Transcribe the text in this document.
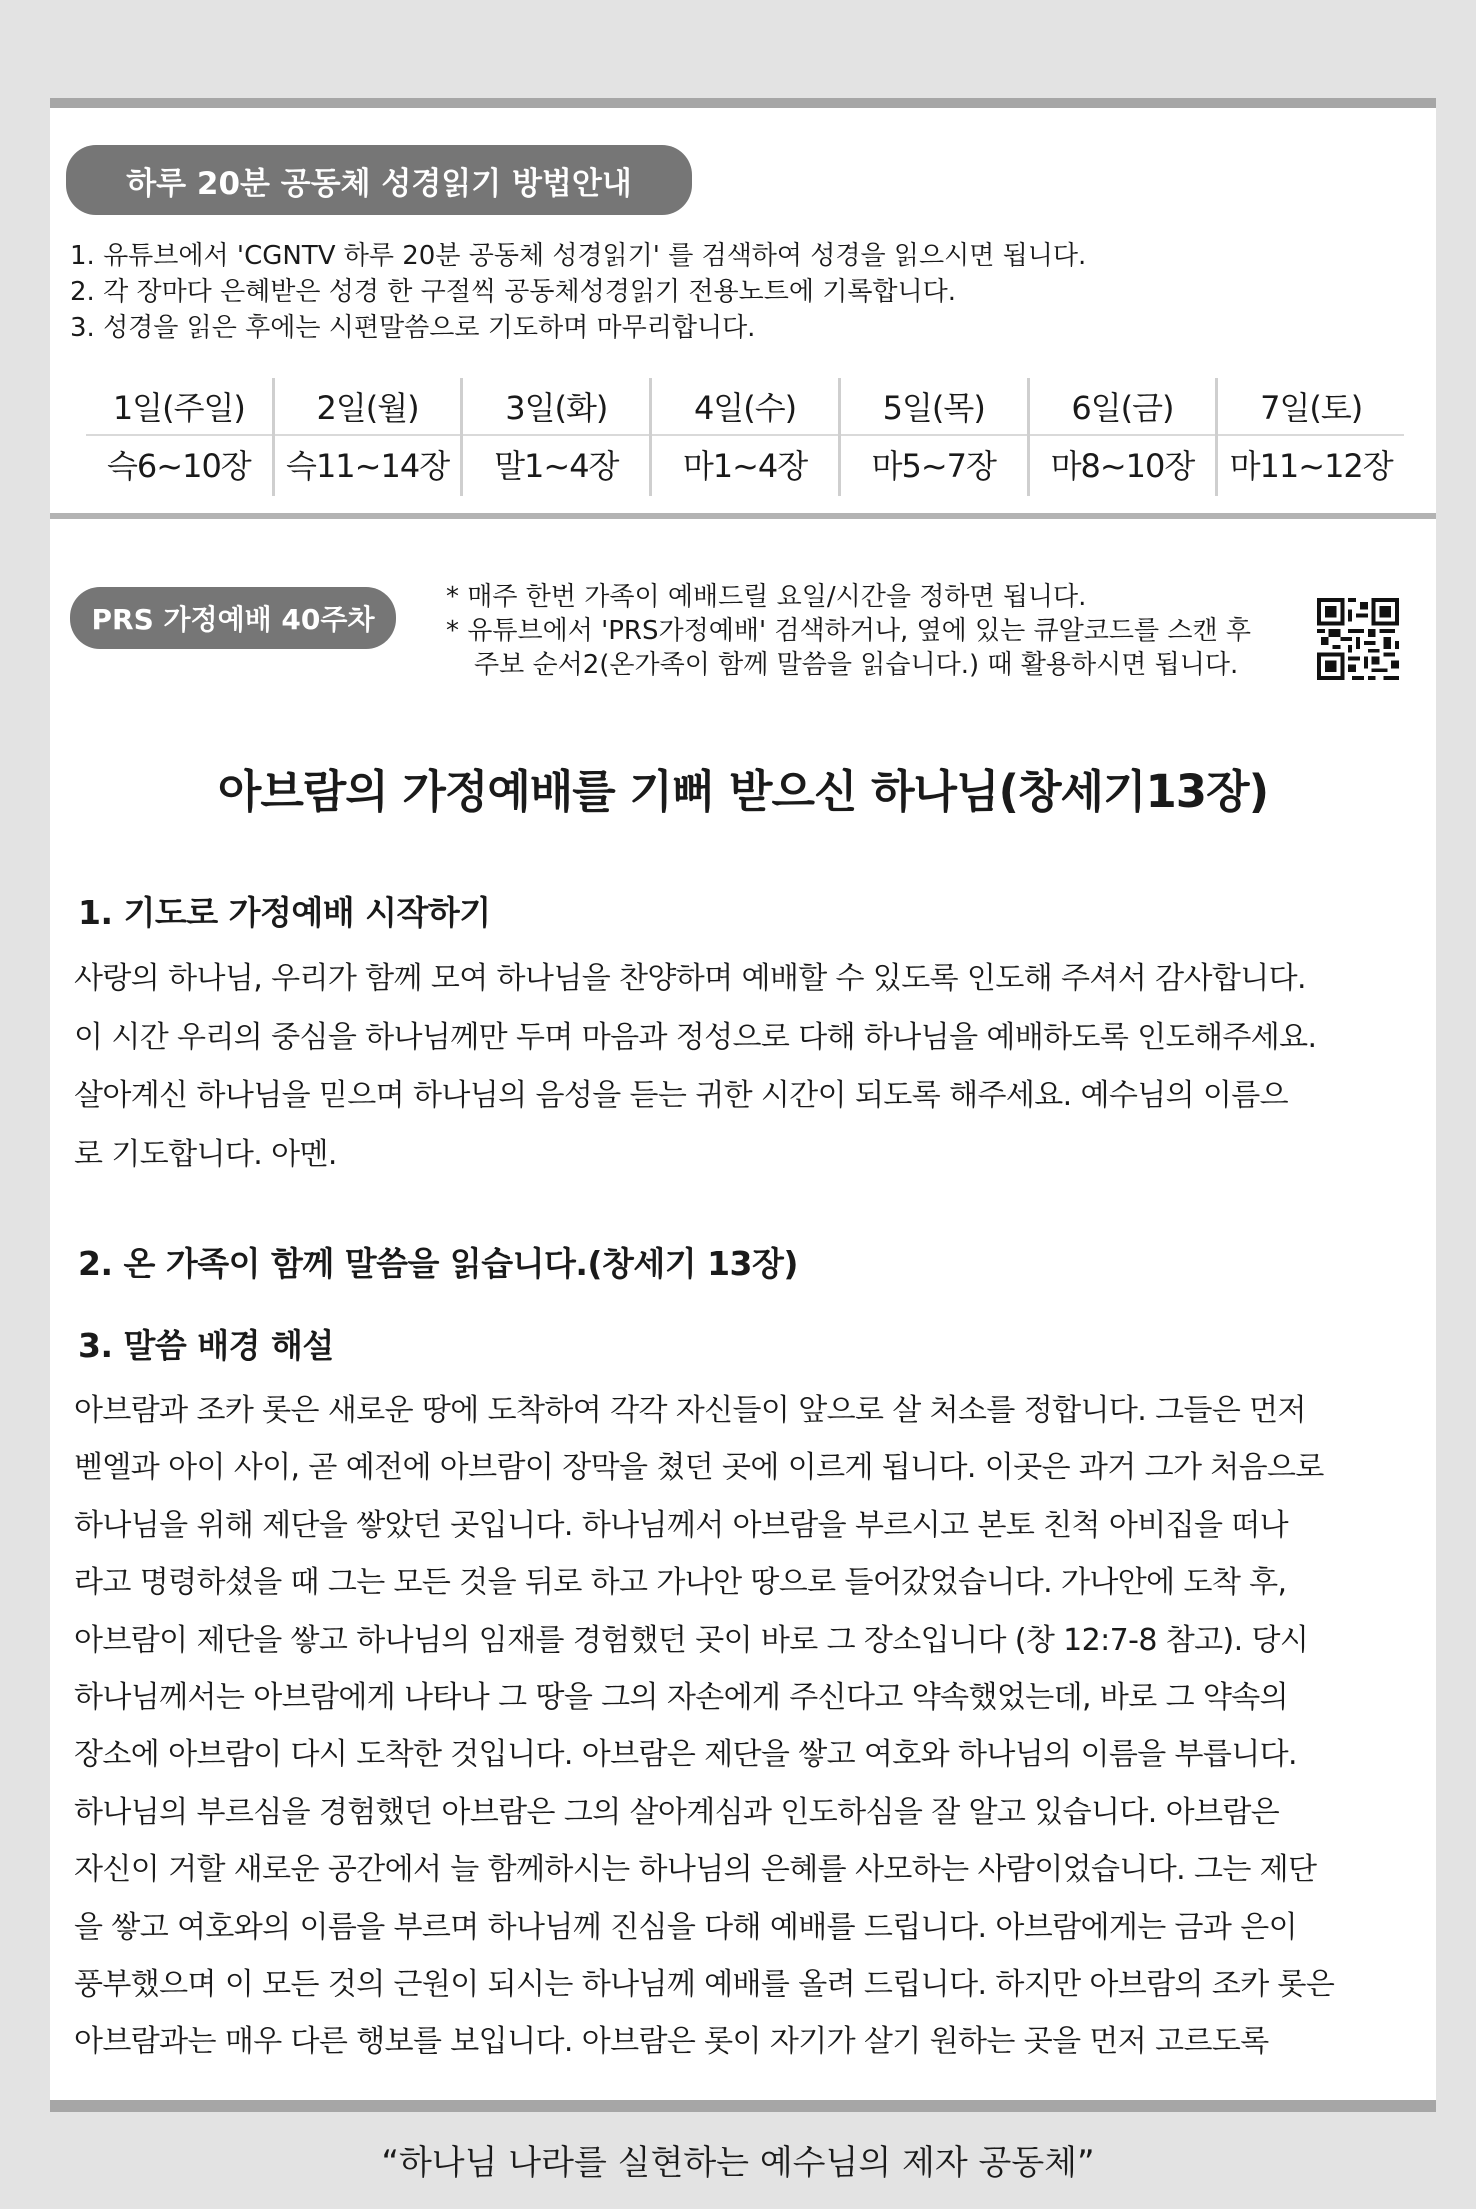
하루 20분 공동체 성경읽기 방법안내
1. 유튜브에서 'CGNTV 하루 20분 공동체 성경읽기' 를 검색하여 성경을 읽으시면 됩니다.
2. 각 장마다 은혜받은 성경 한 구절씩 공동체성경읽기 전용노트에 기록합니다.
3. 성경을 읽은 후에는 시편말씀으로 기도하며 마무리합니다.
1일(주일)
슥6~10장
2일(월)
슥11~14장
3일(화)
말1~4장
4일(수)
마1~4장
5일(목)
마5~7장
6일(금)
마8~10장
7일(토)
마11~12장
PRS 가정예배 40주차
* 매주 한번 가족이 예배드릴 요일/시간을 정하면 됩니다.
* 유튜브에서 'PRS가정예배' 검색하거나, 옆에 있는 큐알코드를 스캔 후
주보 순서2(온가족이 함께 말씀을 읽습니다.) 때 활용하시면 됩니다.
아브람의 가정예배를 기뻐 받으신 하나님(창세기13장)
1. 기도로 가정예배 시작하기
사랑의 하나님, 우리가 함께 모여 하나님을 찬양하며 예배할 수 있도록 인도해 주셔서 감사합니다.
이 시간 우리의 중심을 하나님께만 두며 마음과 정성으로 다해 하나님을 예배하도록 인도해주세요.
살아계신 하나님을 믿으며 하나님의 음성을 듣는 귀한 시간이 되도록 해주세요. 예수님의 이름으
로 기도합니다. 아멘.
2. 온 가족이 함께 말씀을 읽습니다.(창세기 13장)
3. 말씀 배경 해설
아브람과 조카 롯은 새로운 땅에 도착하여 각각 자신들이 앞으로 살 처소를 정합니다. 그들은 먼저
벧엘과 아이 사이, 곧 예전에 아브람이 장막을 쳤던 곳에 이르게 됩니다. 이곳은 과거 그가 처음으로
하나님을 위해 제단을 쌓았던 곳입니다. 하나님께서 아브람을 부르시고 본토 친척 아비집을 떠나
라고 명령하셨을 때 그는 모든 것을 뒤로 하고 가나안 땅으로 들어갔었습니다. 가나안에 도착 후,
아브람이 제단을 쌓고 하나님의 임재를 경험했던 곳이 바로 그 장소입니다 (창 12:7-8 참고). 당시
하나님께서는 아브람에게 나타나 그 땅을 그의 자손에게 주신다고 약속했었는데, 바로 그 약속의
장소에 아브람이 다시 도착한 것입니다. 아브람은 제단을 쌓고 여호와 하나님의 이름을 부릅니다.
하나님의 부르심을 경험했던 아브람은 그의 살아계심과 인도하심을 잘 알고 있습니다. 아브람은
자신이 거할 새로운 공간에서 늘 함께하시는 하나님의 은혜를 사모하는 사람이었습니다. 그는 제단
을 쌓고 여호와의 이름을 부르며 하나님께 진심을 다해 예배를 드립니다. 아브람에게는 금과 은이
풍부했으며 이 모든 것의 근원이 되시는 하나님께 예배를 올려 드립니다. 하지만 아브람의 조카 롯은
아브람과는 매우 다른 행보를 보입니다. 아브람은 롯이 자기가 살기 원하는 곳을 먼저 고르도록
“하나님 나라를 실현하는 예수님의 제자 공동체”
